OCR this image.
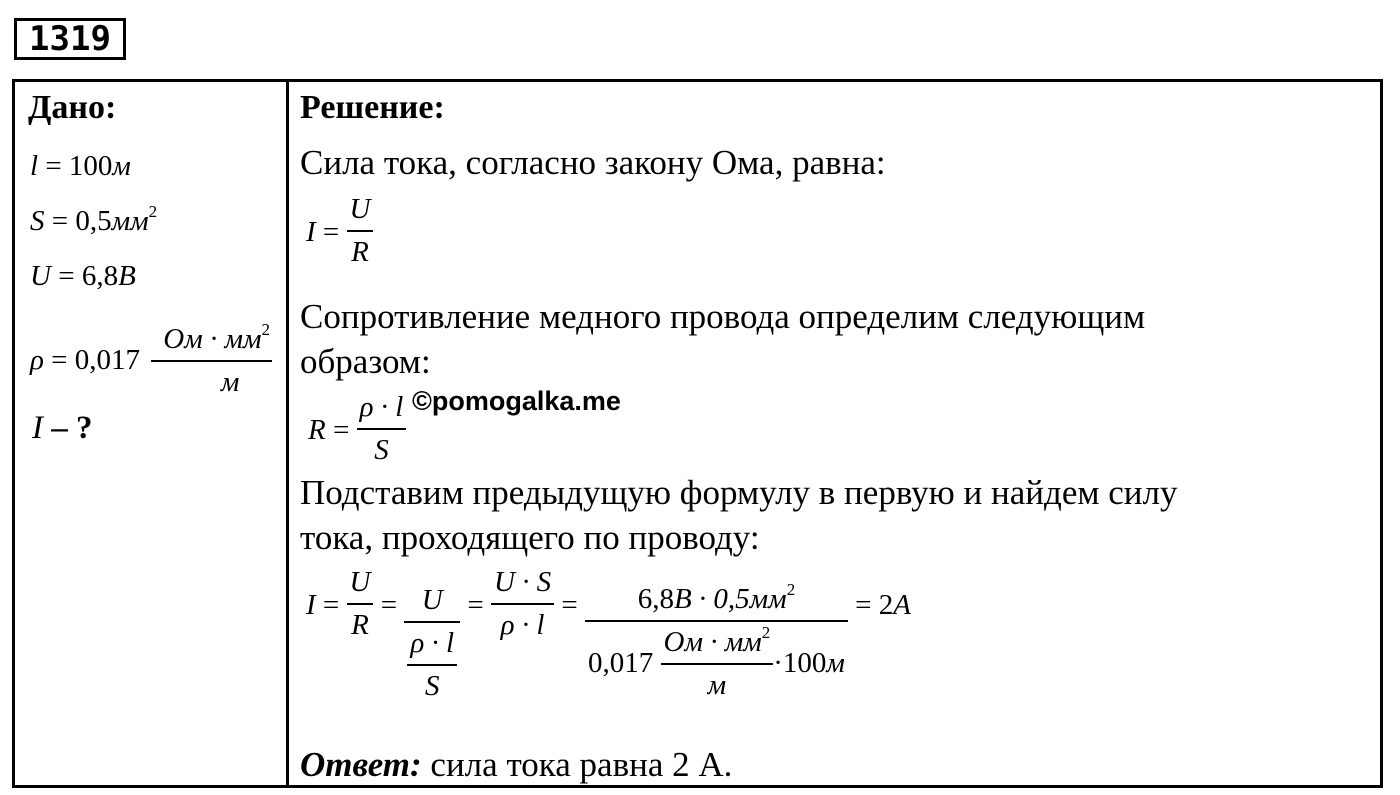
1319
Дано:
l = 100м
$S = 0,5мм^2$
U = 6,8В
$\rho = 0,017 \frac{Ом \cdot мм^2}{м}$
I – ?
Решение:
Сила тока, согласно закону Ома, равна:
$I = \frac{U}{R}$
Сопротивление медного провода определим следующим
образом:
$R = \frac{\rho \cdot l}{S}$ ©pomogalka.me
Подставим предыдущую формулу в первую и найдем силу
тока, проходящего по проводу:
$I = \frac{U}{R} = \frac{U}{\frac{\rho \cdot l}{S}} = \frac{U \cdot S}{\rho \cdot l} = \frac{6,8В \cdot 0,5мм^2}{0,017 \frac{Ом \cdot мм^2}{м} \cdot 100м} = 2А$
Ответ: сила тока равна 2 А.
